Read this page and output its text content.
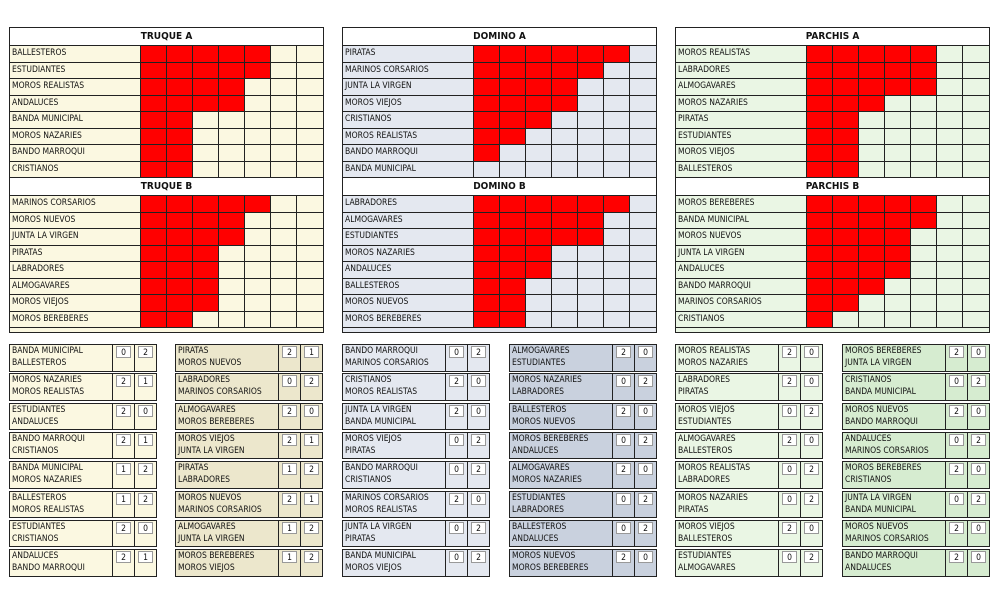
TRUQUE A
BALLESTEROS
ESTUDIANTES
MOROS REALISTAS
ANDALUCES
BANDA MUNICIPAL
MOROS NAZARIES
BANDO MARROQUI
CRISTIANOS
TRUQUE B
MARINOS CORSARIOS
MOROS NUEVOS
JUNTA LA VIRGEN
PIRATAS
LABRADORES
ALMOGAVARES
MOROS VIEJOS
MOROS BEREBERES
DOMINO A
PIRATAS
MARINOS CORSARIOS
JUNTA LA VIRGEN
MOROS VIEJOS
CRISTIANOS
MOROS REALISTAS
BANDO MARROQUI
BANDA MUNICIPAL
DOMINO B
LABRADORES
ALMOGAVARES
ESTUDIANTES
MOROS NAZARIES
ANDALUCES
BALLESTEROS
MOROS NUEVOS
MOROS BEREBERES
PARCHIS A
MOROS REALISTAS
LABRADORES
ALMOGAVARES
MOROS NAZARIES
PIRATAS
ESTUDIANTES
MOROS VIEJOS
BALLESTEROS
PARCHIS B
MOROS BEREBERES
BANDA MUNICIPAL
MOROS NUEVOS
JUNTA LA VIRGEN
ANDALUCES
BANDO MARROQUI
MARINOS CORSARIOS
CRISTIANOS
BANDA MUNICIPAL
BALLESTEROS
0	2
MOROS NAZARIES
MOROS REALISTAS
2	1
ESTUDIANTES
ANDALUCES
2	0
BANDO MARROQUI
CRISTIANOS
2	1
BANDA MUNICIPAL
MOROS NAZARIES
1	2
BALLESTEROS
MOROS REALISTAS
1	2
ESTUDIANTES
CRISTIANOS
2	0
ANDALUCES
BANDO MARROQUI
2	1
PIRATAS
MOROS NUEVOS
2	1
LABRADORES
MARINOS CORSARIOS
0	2
ALMOGAVARES
MOROS BEREBERES
2	0
MOROS VIEJOS
JUNTA LA VIRGEN
2	1
PIRATAS
LABRADORES
1	2
MOROS NUEVOS
MARINOS CORSARIOS
2	1
ALMOGAVARES
JUNTA LA VIRGEN
1	2
MOROS BEREBERES
MOROS VIEJOS
1	2
BANDO MARROQUI
MARINOS CORSARIOS
0	2
CRISTIANOS
MOROS REALISTAS
2	0
JUNTA LA VIRGEN
BANDA MUNICIPAL
2	0
MOROS VIEJOS
PIRATAS
0	2
BANDO MARROQUI
CRISTIANOS
0	2
MARINOS CORSARIOS
MOROS REALISTAS
2	0
JUNTA LA VIRGEN
PIRATAS
0	2
BANDA MUNICIPAL
MOROS VIEJOS
0	2
ALMOGAVARES
ESTUDIANTES
2	0
MOROS NAZARIES
LABRADORES
0	2
BALLESTEROS
MOROS NUEVOS
2	0
MOROS BEREBERES
ANDALUCES
0	2
ALMOGAVARES
MOROS NAZARIES
2	0
ESTUDIANTES
LABRADORES
0	2
BALLESTEROS
ANDALUCES
0	2
MOROS NUEVOS
MOROS BEREBERES
2	0
MOROS REALISTAS
MOROS NAZARIES
2	0
LABRADORES
PIRATAS
2	0
MOROS VIEJOS
ESTUDIANTES
0	2
ALMOGAVARES
BALLESTEROS
2	0
MOROS REALISTAS
LABRADORES
0	2
MOROS NAZARIES
PIRATAS
0	2
MOROS VIEJOS
BALLESTEROS
2	0
ESTUDIANTES
ALMOGAVARES
0	2
MOROS BEREBERES
JUNTA LA VIRGEN
2	0
CRISTIANOS
BANDA MUNICIPAL
0	2
MOROS NUEVOS
BANDO MARROQUI
2	0
ANDALUCES
MARINOS CORSARIOS
0	2
MOROS BEREBERES
CRISTIANOS
2	0
JUNTA LA VIRGEN
BANDA MUNICIPAL
0	2
MOROS NUEVOS
MARINOS CORSARIOS
2	0
BANDO MARROQUI
ANDALUCES
2	0
